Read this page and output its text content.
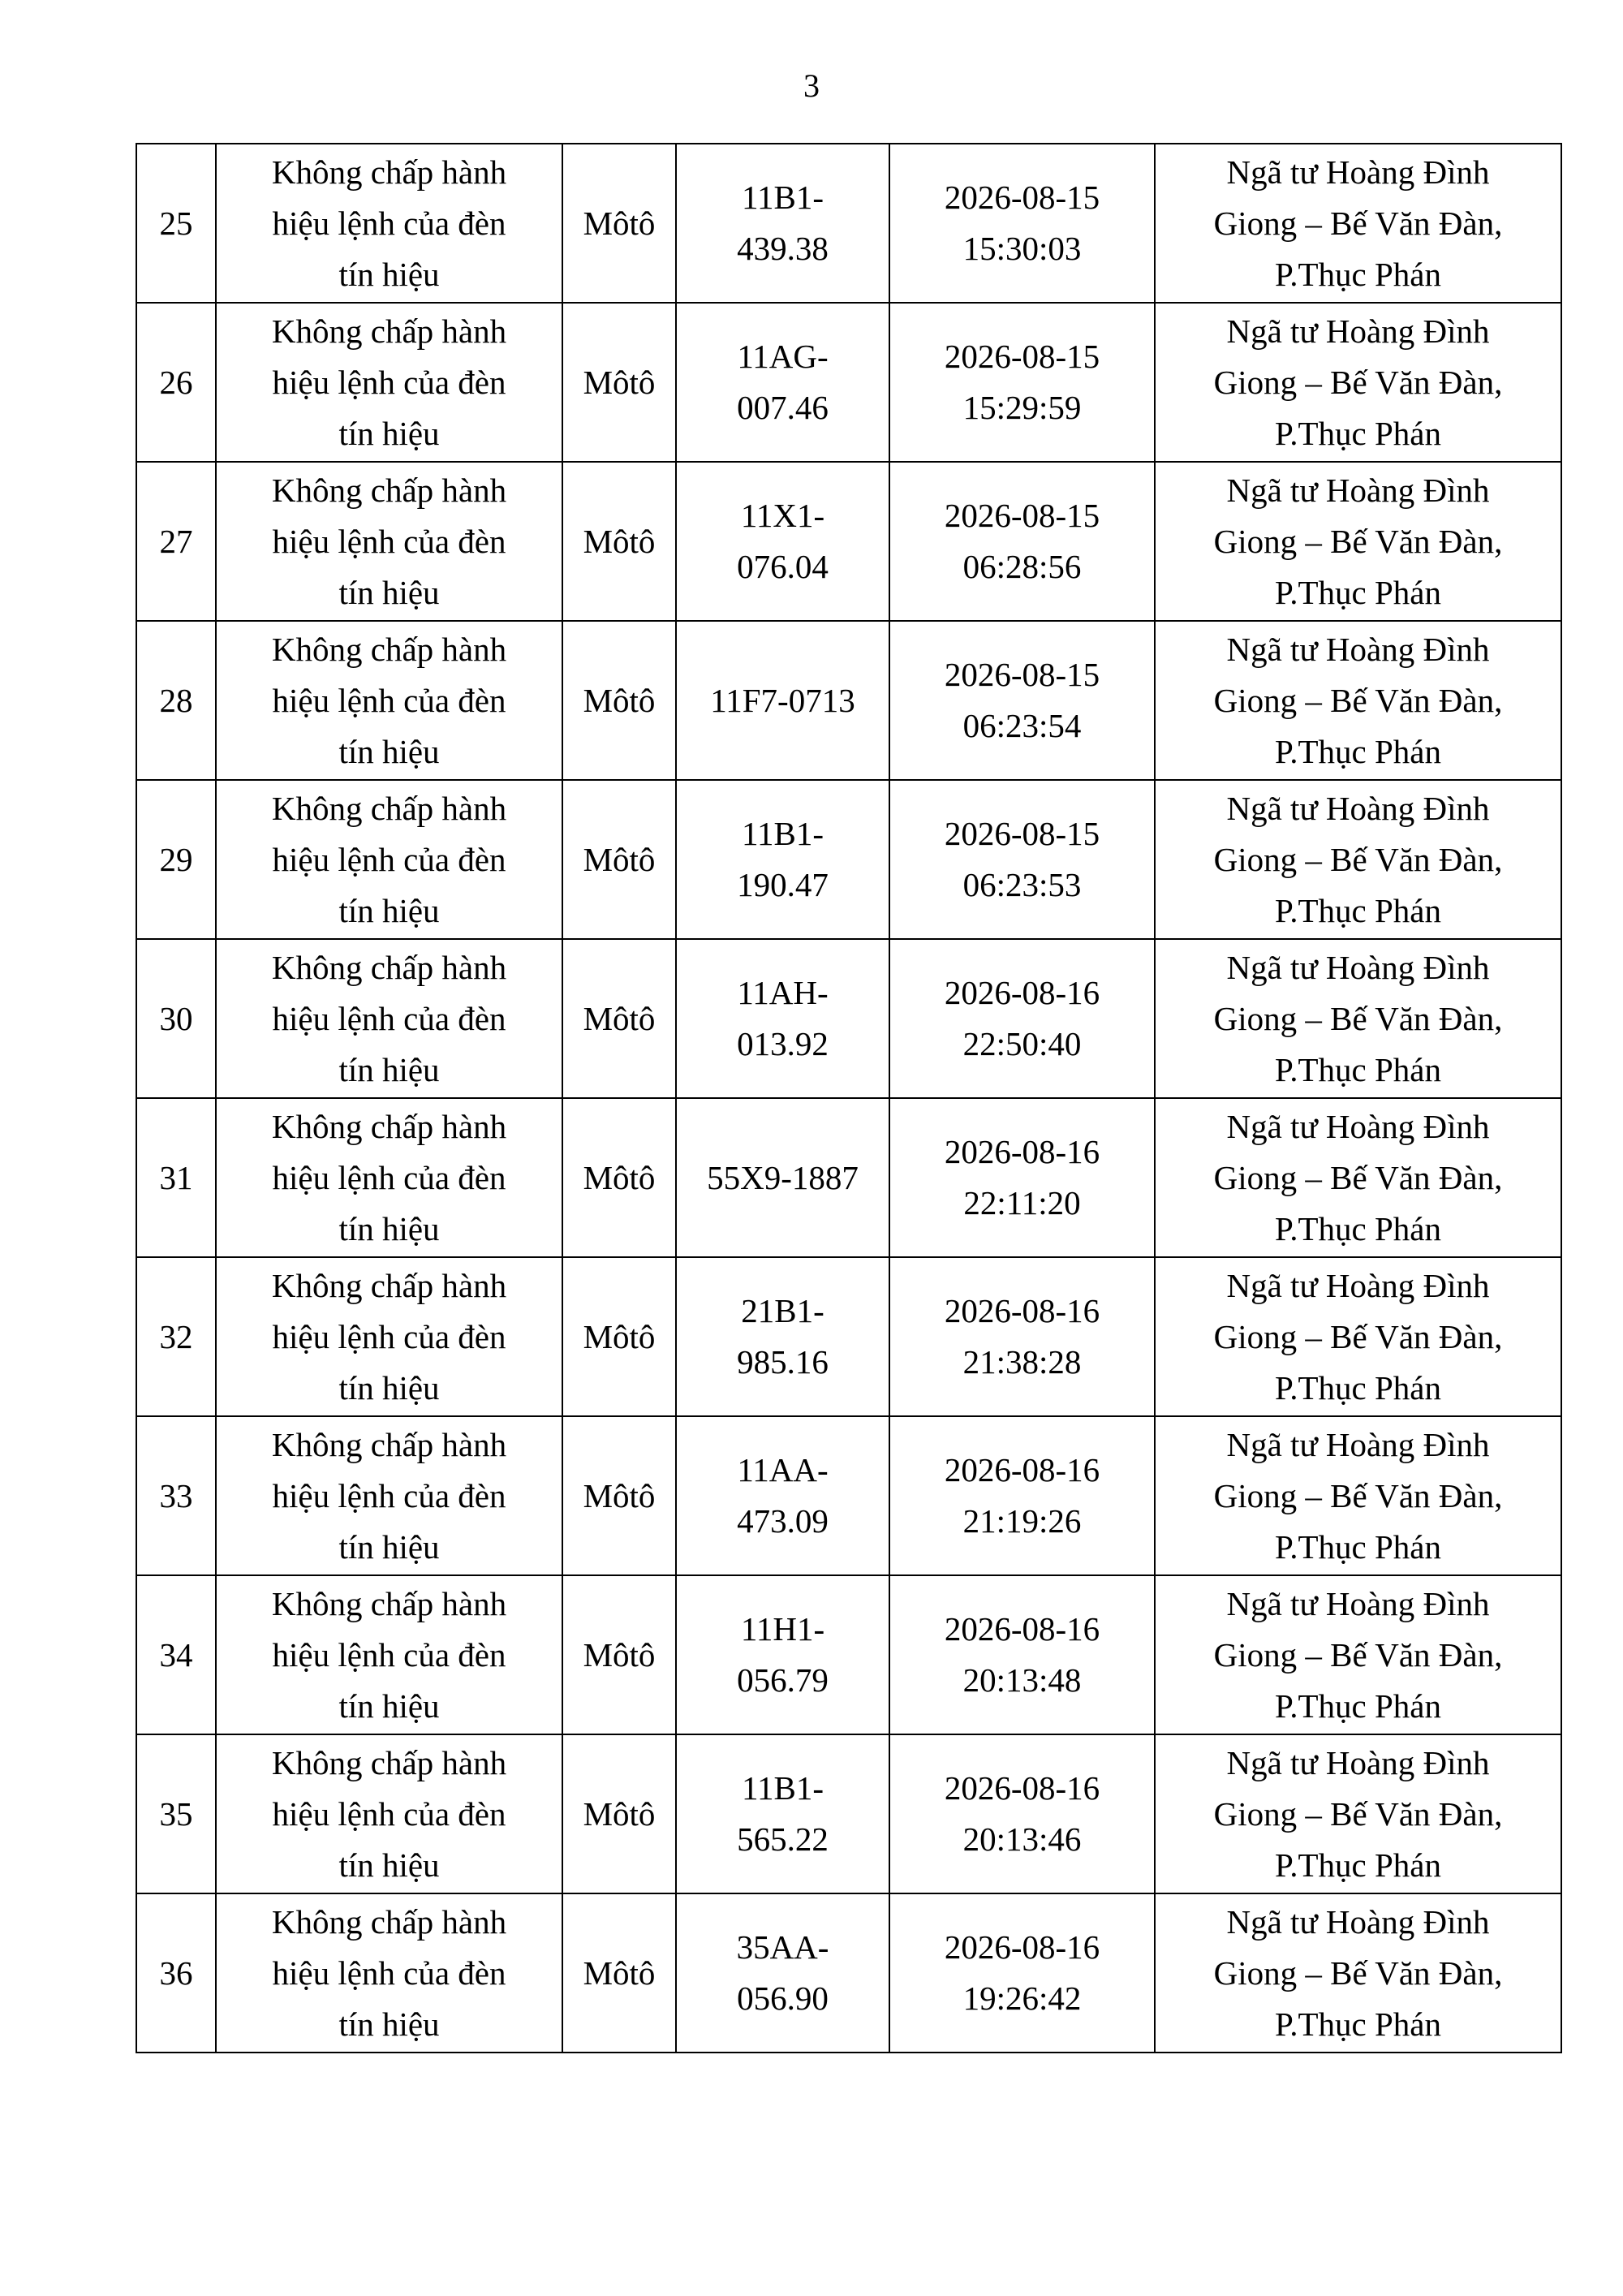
3
25	Không chấp hành
hiệu lệnh của đèn
tín hiệu	Môtô	11B1-
439.38	2026-08-15
15:30:03	Ngã tư Hoàng Đình
Giong – Bế Văn Đàn,
P.Thục Phán

26	Không chấp hành
hiệu lệnh của đèn
tín hiệu	Môtô	11AG-
007.46	2026-08-15
15:29:59	Ngã tư Hoàng Đình
Giong – Bế Văn Đàn,
P.Thục Phán

27	Không chấp hành
hiệu lệnh của đèn
tín hiệu	Môtô	11X1-
076.04	2026-08-15
06:28:56	Ngã tư Hoàng Đình
Giong – Bế Văn Đàn,
P.Thục Phán

28	Không chấp hành
hiệu lệnh của đèn
tín hiệu	Môtô	11F7-0713	2026-08-15
06:23:54	Ngã tư Hoàng Đình
Giong – Bế Văn Đàn,
P.Thục Phán

29	Không chấp hành
hiệu lệnh của đèn
tín hiệu	Môtô	11B1-
190.47	2026-08-15
06:23:53	Ngã tư Hoàng Đình
Giong – Bế Văn Đàn,
P.Thục Phán

30	Không chấp hành
hiệu lệnh của đèn
tín hiệu	Môtô	11AH-
013.92	2026-08-16
22:50:40	Ngã tư Hoàng Đình
Giong – Bế Văn Đàn,
P.Thục Phán

31	Không chấp hành
hiệu lệnh của đèn
tín hiệu	Môtô	55X9-1887	2026-08-16
22:11:20	Ngã tư Hoàng Đình
Giong – Bế Văn Đàn,
P.Thục Phán

32	Không chấp hành
hiệu lệnh của đèn
tín hiệu	Môtô	21B1-
985.16	2026-08-16
21:38:28	Ngã tư Hoàng Đình
Giong – Bế Văn Đàn,
P.Thục Phán

33	Không chấp hành
hiệu lệnh của đèn
tín hiệu	Môtô	11AA-
473.09	2026-08-16
21:19:26	Ngã tư Hoàng Đình
Giong – Bế Văn Đàn,
P.Thục Phán

34	Không chấp hành
hiệu lệnh của đèn
tín hiệu	Môtô	11H1-
056.79	2026-08-16
20:13:48	Ngã tư Hoàng Đình
Giong – Bế Văn Đàn,
P.Thục Phán

35	Không chấp hành
hiệu lệnh của đèn
tín hiệu	Môtô	11B1-
565.22	2026-08-16
20:13:46	Ngã tư Hoàng Đình
Giong – Bế Văn Đàn,
P.Thục Phán

36	Không chấp hành
hiệu lệnh của đèn
tín hiệu	Môtô	35AA-
056.90	2026-08-16
19:26:42	Ngã tư Hoàng Đình
Giong – Bế Văn Đàn,
P.Thục Phán
